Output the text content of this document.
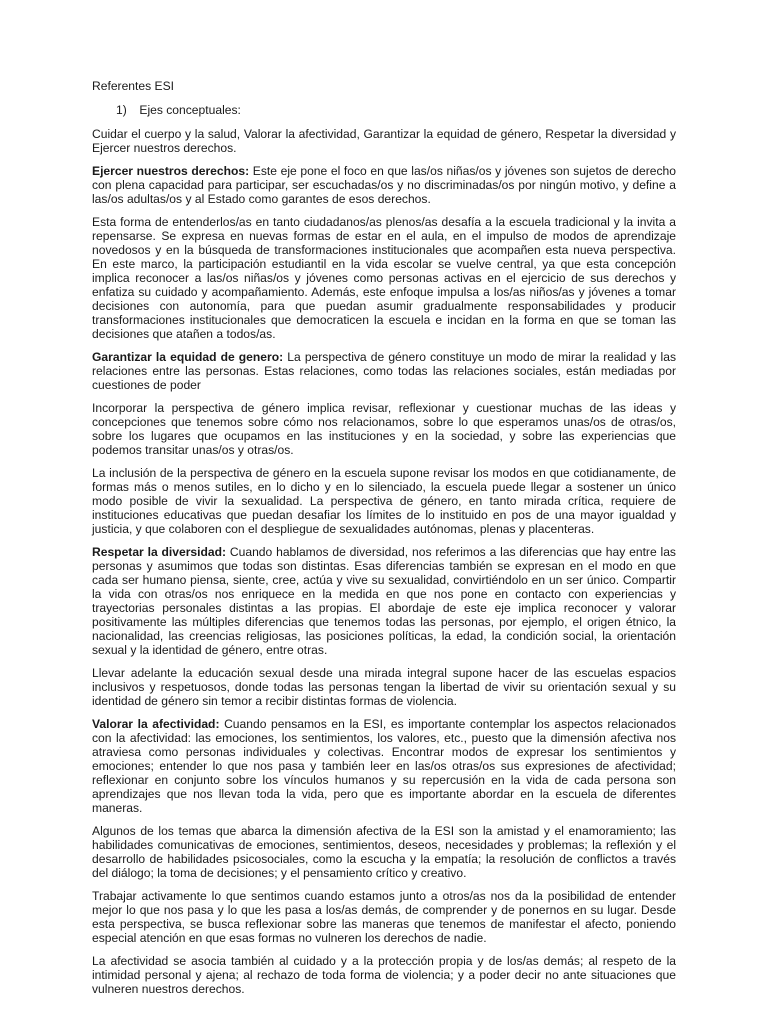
Referentes ESI

1) Ejes conceptuales:

Cuidar el cuerpo y la salud, Valorar la afectividad, Garantizar la equidad de género, Respetar la diversidad y Ejercer nuestros derechos.

Ejercer nuestros derechos: Este eje pone el foco en que las/os niñas/os y jóvenes son sujetos de derecho con plena capacidad para participar, ser escuchadas/os y no discriminadas/os por ningún motivo, y define a las/os adultas/os y al Estado como garantes de esos derechos.

Esta forma de entenderlos/as en tanto ciudadanos/as plenos/as desafía a la escuela tradicional y la invita a repensarse. Se expresa en nuevas formas de estar en el aula, en el impulso de modos de aprendizaje novedosos y en la búsqueda de transformaciones institucionales que acompañen esta nueva perspectiva. En este marco, la participación estudiantil en la vida escolar se vuelve central, ya que esta concepción implica reconocer a las/os niñas/os y jóvenes como personas activas en el ejercicio de sus derechos y enfatiza su cuidado y acompañamiento. Además, este enfoque impulsa a los/as niños/as y jóvenes a tomar decisiones con autonomía, para que puedan asumir gradualmente responsabilidades y producir transformaciones institucionales que democraticen la escuela e incidan en la forma en que se toman las decisiones que atañen a todos/as.

Garantizar la equidad de genero: La perspectiva de género constituye un modo de mirar la realidad y las relaciones entre las personas. Estas relaciones, como todas las relaciones sociales, están mediadas por cuestiones de poder

Incorporar la perspectiva de género implica revisar, reflexionar y cuestionar muchas de las ideas y concepciones que tenemos sobre cómo nos relacionamos, sobre lo que esperamos unas/os de otras/os, sobre los lugares que ocupamos en las instituciones y en la sociedad, y sobre las experiencias que podemos transitar unas/os y otras/os.

La inclusión de la perspectiva de género en la escuela supone revisar los modos en que cotidianamente, de formas más o menos sutiles, en lo dicho y en lo silenciado, la escuela puede llegar a sostener un único modo posible de vivir la sexualidad. La perspectiva de género, en tanto mirada crítica, requiere de instituciones educativas que puedan desafiar los límites de lo instituido en pos de una mayor igualdad y justicia, y que colaboren con el despliegue de sexualidades autónomas, plenas y placenteras.

Respetar la diversidad: Cuando hablamos de diversidad, nos referimos a las diferencias que hay entre las personas y asumimos que todas son distintas. Esas diferencias también se expresan en el modo en que cada ser humano piensa, siente, cree, actúa y vive su sexualidad, convirtiéndolo en un ser único. Compartir la vida con otras/os nos enriquece en la medida en que nos pone en contacto con experiencias y trayectorias personales distintas a las propias. El abordaje de este eje implica reconocer y valorar positivamente las múltiples diferencias que tenemos todas las personas, por ejemplo, el origen étnico, la nacionalidad, las creencias religiosas, las posiciones políticas, la edad, la condición social, la orientación sexual y la identidad de género, entre otras.

Llevar adelante la educación sexual desde una mirada integral supone hacer de las escuelas espacios inclusivos y respetuosos, donde todas las personas tengan la libertad de vivir su orientación sexual y su identidad de género sin temor a recibir distintas formas de violencia.

Valorar la afectividad: Cuando pensamos en la ESI, es importante contemplar los aspectos relacionados con la afectividad: las emociones, los sentimientos, los valores, etc., puesto que la dimensión afectiva nos atraviesa como personas individuales y colectivas. Encontrar modos de expresar los sentimientos y emociones; entender lo que nos pasa y también leer en las/os otras/os sus expresiones de afectividad; reflexionar en conjunto sobre los vínculos humanos y su repercusión en la vida de cada persona son aprendizajes que nos llevan toda la vida, pero que es importante abordar en la escuela de diferentes maneras.

Algunos de los temas que abarca la dimensión afectiva de la ESI son la amistad y el enamoramiento; las habilidades comunicativas de emociones, sentimientos, deseos, necesidades y problemas; la reflexión y el desarrollo de habilidades psicosociales, como la escucha y la empatía; la resolución de conflictos a través del diálogo; la toma de decisiones; y el pensamiento crítico y creativo.

Trabajar activamente lo que sentimos cuando estamos junto a otros/as nos da la posibilidad de entender mejor lo que nos pasa y lo que les pasa a los/as demás, de comprender y de ponernos en su lugar. Desde esta perspectiva, se busca reflexionar sobre las maneras que tenemos de manifestar el afecto, poniendo especial atención en que esas formas no vulneren los derechos de nadie.

La afectividad se asocia también al cuidado y a la protección propia y de los/as demás; al respeto de la intimidad personal y ajena; al rechazo de toda forma de violencia; y a poder decir no ante situaciones que vulneren nuestros derechos.
